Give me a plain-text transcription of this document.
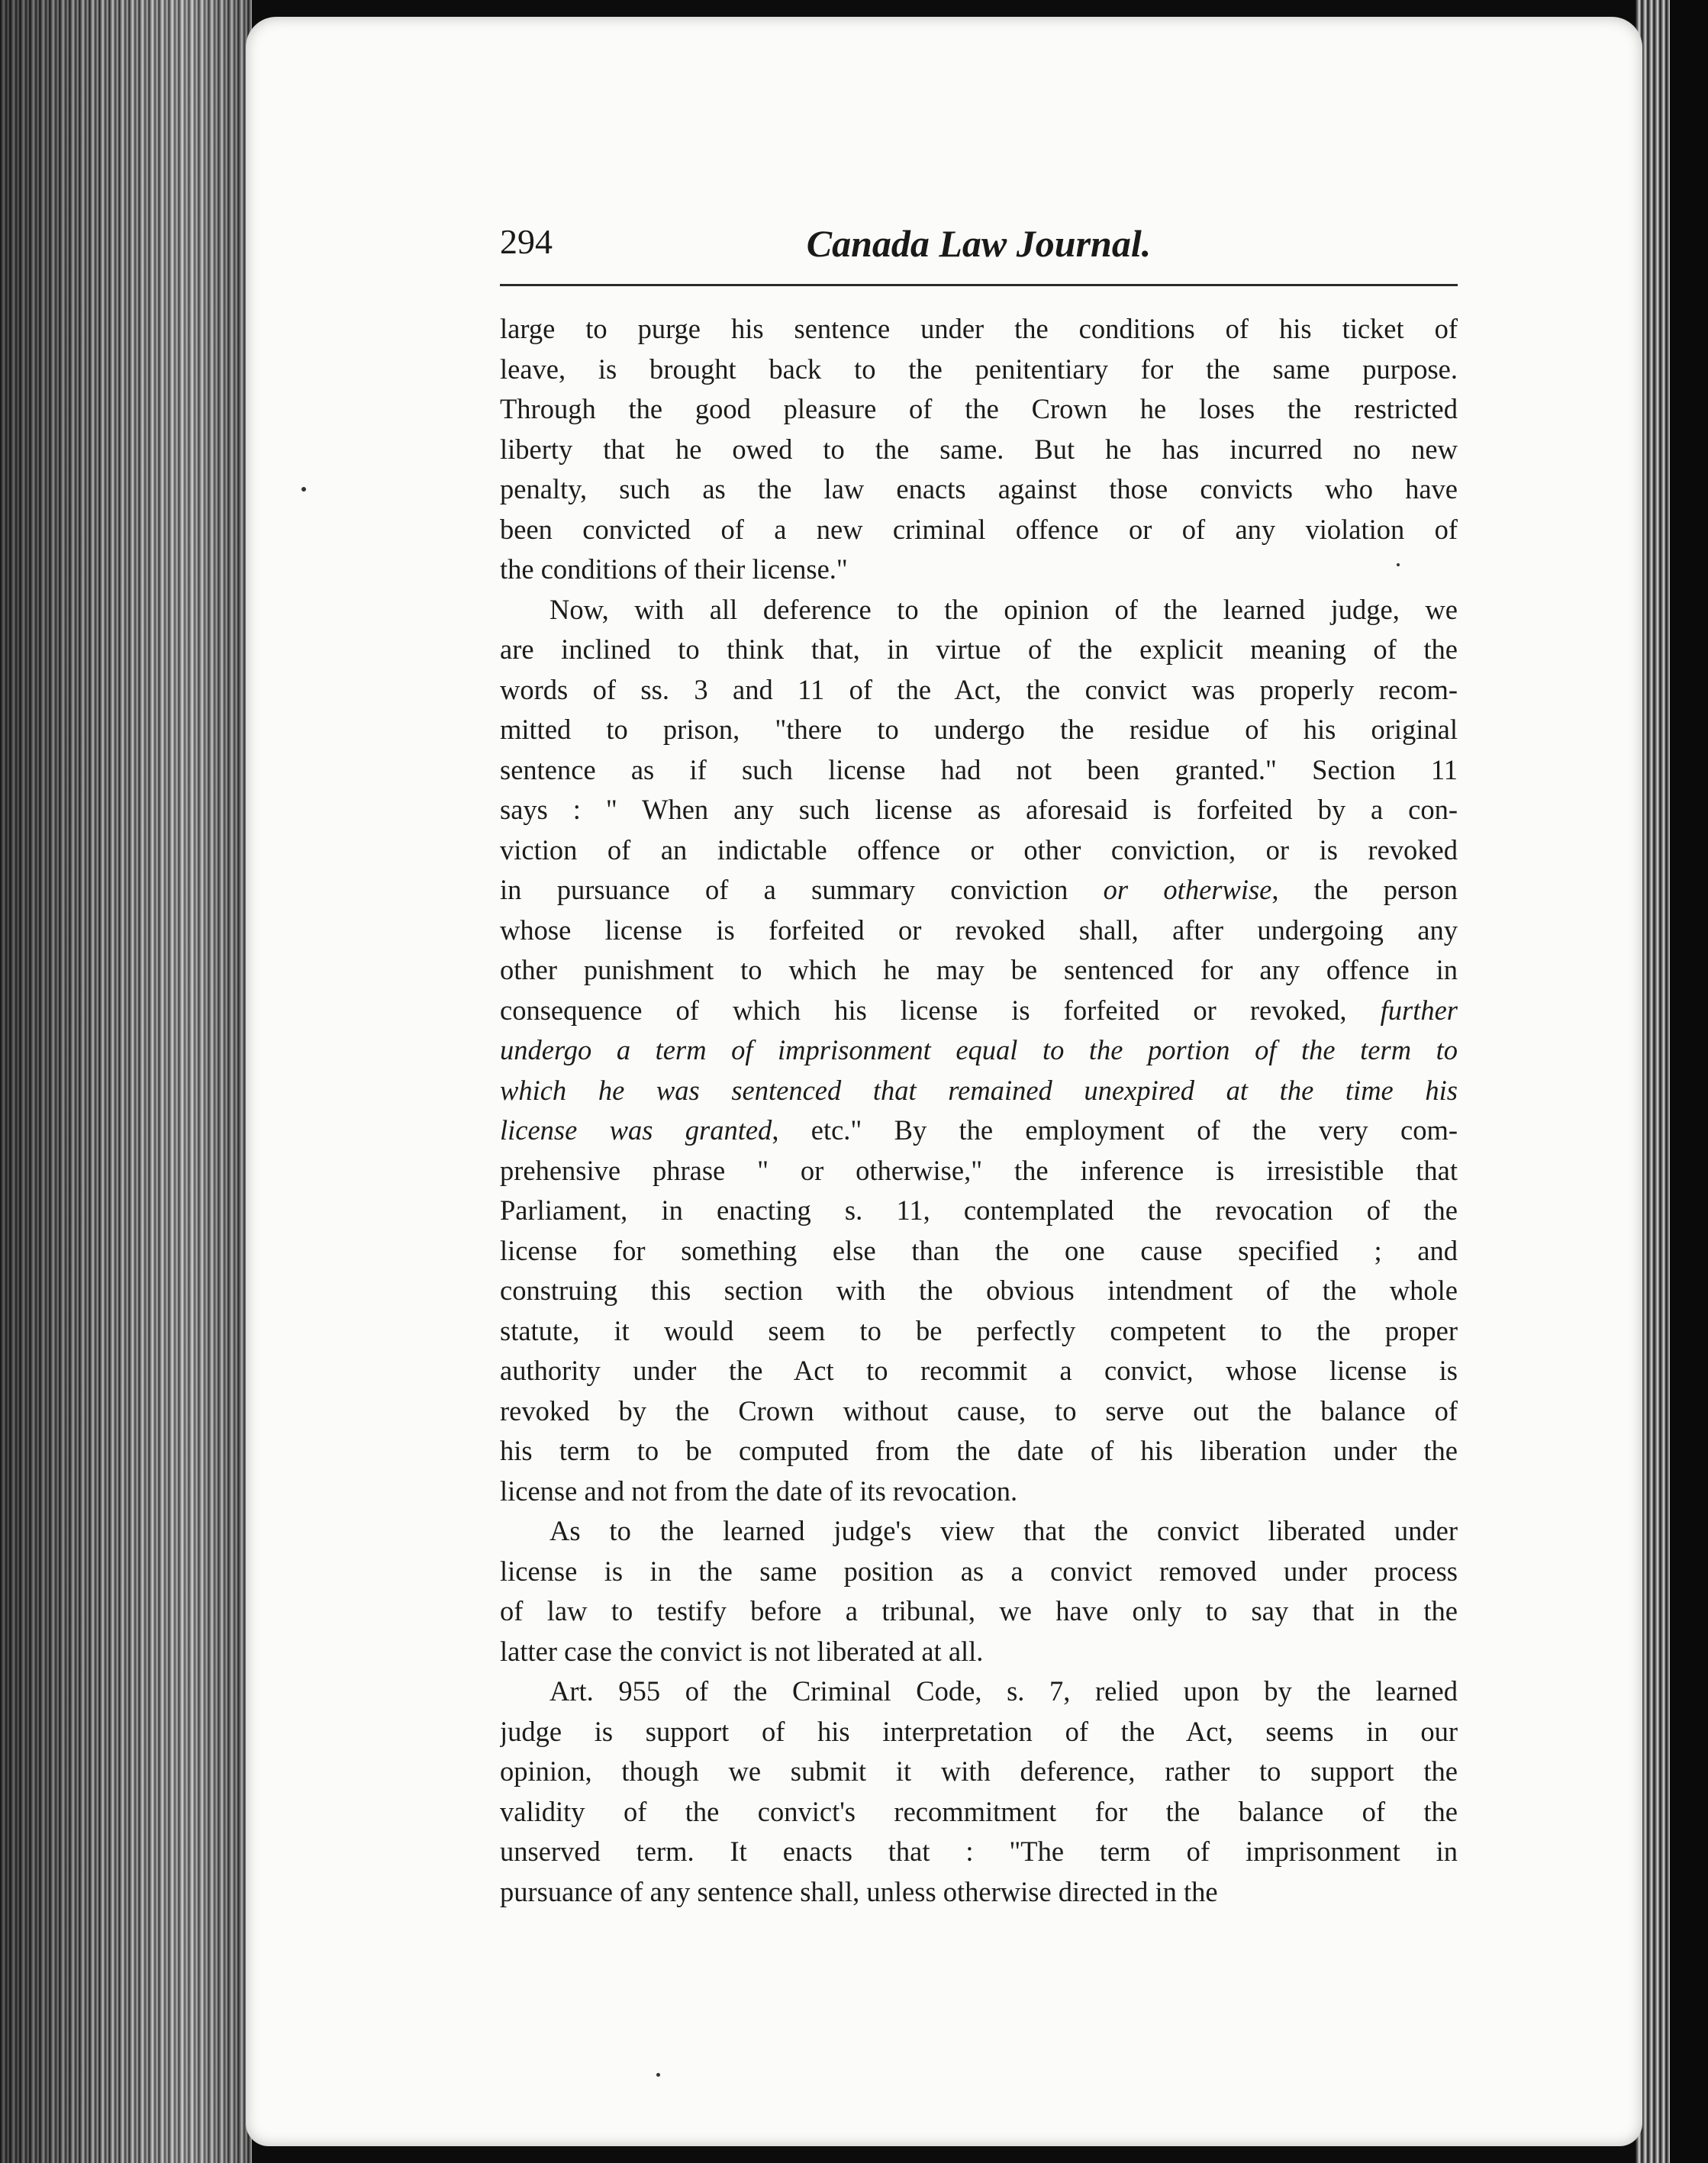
294	Canada Law Journal.
large to purge his sentence under the conditions of his ticket of
leave, is brought back to the penitentiary for the same purpose.
Through the good pleasure of the Crown he loses the restricted
liberty that he owed to the same. But he has incurred no new
penalty, such as the law enacts against those convicts who have
been convicted of a new criminal offence or of any violation of
the conditions of their license."
Now, with all deference to the opinion of the learned judge, we
are inclined to think that, in virtue of the explicit meaning of the
words of ss. 3 and 11 of the Act, the convict was properly recom-
mitted to prison, "there to undergo the residue of his original
sentence as if such license had not been granted." Section 11
says : " When any such license as aforesaid is forfeited by a con-
viction of an indictable offence or other conviction, or is revoked
in pursuance of a summary conviction or otherwise, the person
whose license is forfeited or revoked shall, after undergoing any
other punishment to which he may be sentenced for any offence in
consequence of which his license is forfeited or revoked, further
undergo a term of imprisonment equal to the portion of the term to
which he was sentenced that remained unexpired at the time his
license was granted, etc." By the employment of the very com-
prehensive phrase " or otherwise," the inference is irresistible that
Parliament, in enacting s. 11, contemplated the revocation of the
license for something else than the one cause specified ; and
construing this section with the obvious intendment of the whole
statute, it would seem to be perfectly competent to the proper
authority under the Act to recommit a convict, whose license is
revoked by the Crown without cause, to serve out the balance of
his term to be computed from the date of his liberation under the
license and not from the date of its revocation.
As to the learned judge's view that the convict liberated under
license is in the same position as a convict removed under process
of law to testify before a tribunal, we have only to say that in the
latter case the convict is not liberated at all.
Art. 955 of the Criminal Code, s. 7, relied upon by the learned
judge is support of his interpretation of the Act, seems in our
opinion, though we submit it with deference, rather to support the
validity of the convict's recommitment for the balance of the
unserved term. It enacts that : "The term of imprisonment in
pursuance of any sentence shall, unless otherwise directed in the
